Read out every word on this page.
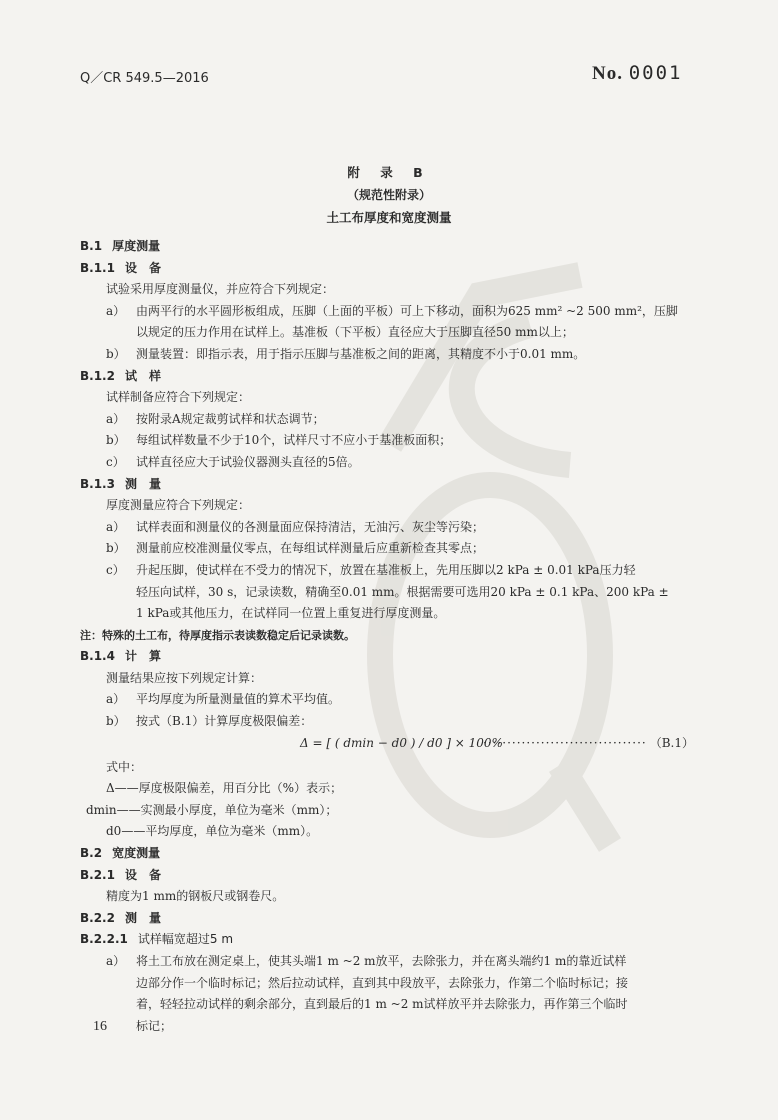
Q／CR 549.5—2016	No. 0001
附 录 B
（规范性附录）
土工布厚度和宽度测量
B.1 厚度测量
B.1.1 设　备
试验采用厚度测量仪，并应符合下列规定：
a） 由两平行的水平圆形板组成，压脚（上面的平板）可上下移动，面积为625 mm² ~2 500 mm²，压脚
以规定的压力作用在试样上。基准板（下平板）直径应大于压脚直径50 mm以上；
b） 测量装置：即指示表，用于指示压脚与基准板之间的距离，其精度不小于0.01 mm。
B.1.2 试　样
试样制备应符合下列规定：
a） 按附录A规定裁剪试样和状态调节；
b） 每组试样数量不少于10个，试样尺寸不应小于基准板面积；
c） 试样直径应大于试验仪器测头直径的5倍。
B.1.3 测　量
厚度测量应符合下列规定：
a） 试样表面和测量仪的各测量面应保持清洁，无油污、灰尘等污染；
b） 测量前应校准测量仪零点，在每组试样测量后应重新检查其零点；
c） 升起压脚，使试样在不受力的情况下，放置在基准板上，先用压脚以2 kPa ± 0.01 kPa压力轻
轻压向试样，30 s，记录读数，精确至0.01 mm。根据需要可选用20 kPa ± 0.1 kPa、200 kPa ±
1 kPa或其他压力，在试样同一位置上重复进行厚度测量。
注：特殊的土工布，待厚度指示表读数稳定后记录读数。
B.1.4 计　算
测量结果应按下列规定计算：
a） 平均厚度为所量测量值的算术平均值。
b） 按式（B.1）计算厚度极限偏差：
Δ = [ ( dmin − d0 ) / d0 ] × 100%
·································· （B.1）
式中：
Δ——厚度极限偏差，用百分比（%）表示；
dmin——实测最小厚度，单位为毫米（mm）；
d0——平均厚度，单位为毫米（mm）。
B.2 宽度测量
B.2.1 设　备
精度为1 mm的钢板尺或钢卷尺。
B.2.2 测　量
B.2.2.1 试样幅宽超过5 m
a） 将土工布放在测定桌上，使其头端1 m ~2 m放平，去除张力，并在离头端约1 m的靠近试样
边部分作一个临时标记；然后拉动试样，直到其中段放平，去除张力，作第二个临时标记；接
着，轻轻拉动试样的剩余部分，直到最后的1 m ~2 m试样放平并去除张力，再作第三个临时
标记；
16
